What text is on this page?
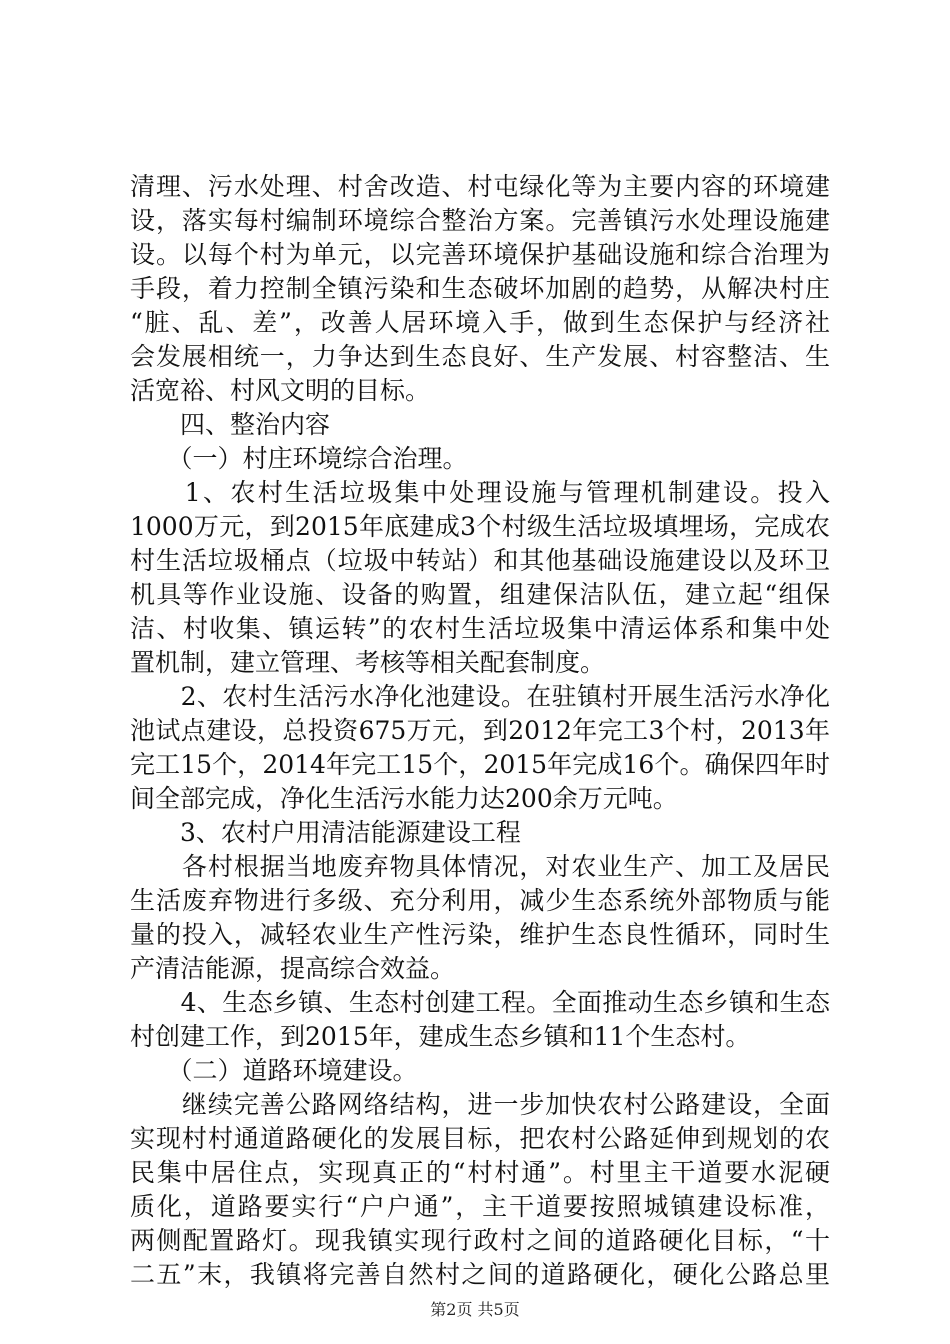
清理、污水处理、村舍改造、村屯绿化等为主要内容的环境建
设，落实每村编制环境综合整治方案。完善镇污水处理设施建
设。以每个村为单元，以完善环境保护基础设施和综合治理为
手段，着力控制全镇污染和生态破坏加剧的趋势，从解决村庄
“脏、乱、差”，改善人居环境入手，做到生态保护与经济社
会发展相统一，力争达到生态良好、生产发展、村容整洁、生
活宽裕、村风文明的目标。
　　四、整治内容
　　（一）村庄环境综合治理。
　　1、农村生活垃圾集中处理设施与管理机制建设。投入
1000万元，到2015年底建成3个村级生活垃圾填埋场，完成农
村生活垃圾桶点（垃圾中转站）和其他基础设施建设以及环卫
机具等作业设施、设备的购置，组建保洁队伍，建立起“组保
洁、村收集、镇运转”的农村生活垃圾集中清运体系和集中处
置机制，建立管理、考核等相关配套制度。
　　2、农村生活污水净化池建设。在驻镇村开展生活污水净化
池试点建设，总投资675万元，到2012年完工3个村，2013年
完工15个，2014年完工15个，2015年完成16个。确保四年时
间全部完成，净化生活污水能力达200余万元吨。
　　3、农村户用清洁能源建设工程
　　各村根据当地废弃物具体情况，对农业生产、加工及居民
生活废弃物进行多级、充分利用，减少生态系统外部物质与能
量的投入，减轻农业生产性污染，维护生态良性循环，同时生
产清洁能源，提高综合效益。
　　4、生态乡镇、生态村创建工程。全面推动生态乡镇和生态
村创建工作，到2015年，建成生态乡镇和11个生态村。
　　（二）道路环境建设。
　　继续完善公路网络结构，进一步加快农村公路建设，全面
实现村村通道路硬化的发展目标，把农村公路延伸到规划的农
民集中居住点，实现真正的“村村通”。村里主干道要水泥硬
质化，道路要实行“户户通”，主干道要按照城镇建设标准，
两侧配置路灯。现我镇实现行政村之间的道路硬化目标，“十
二五”末，我镇将完善自然村之间的道路硬化，硬化公路总里
第2页 共5页
